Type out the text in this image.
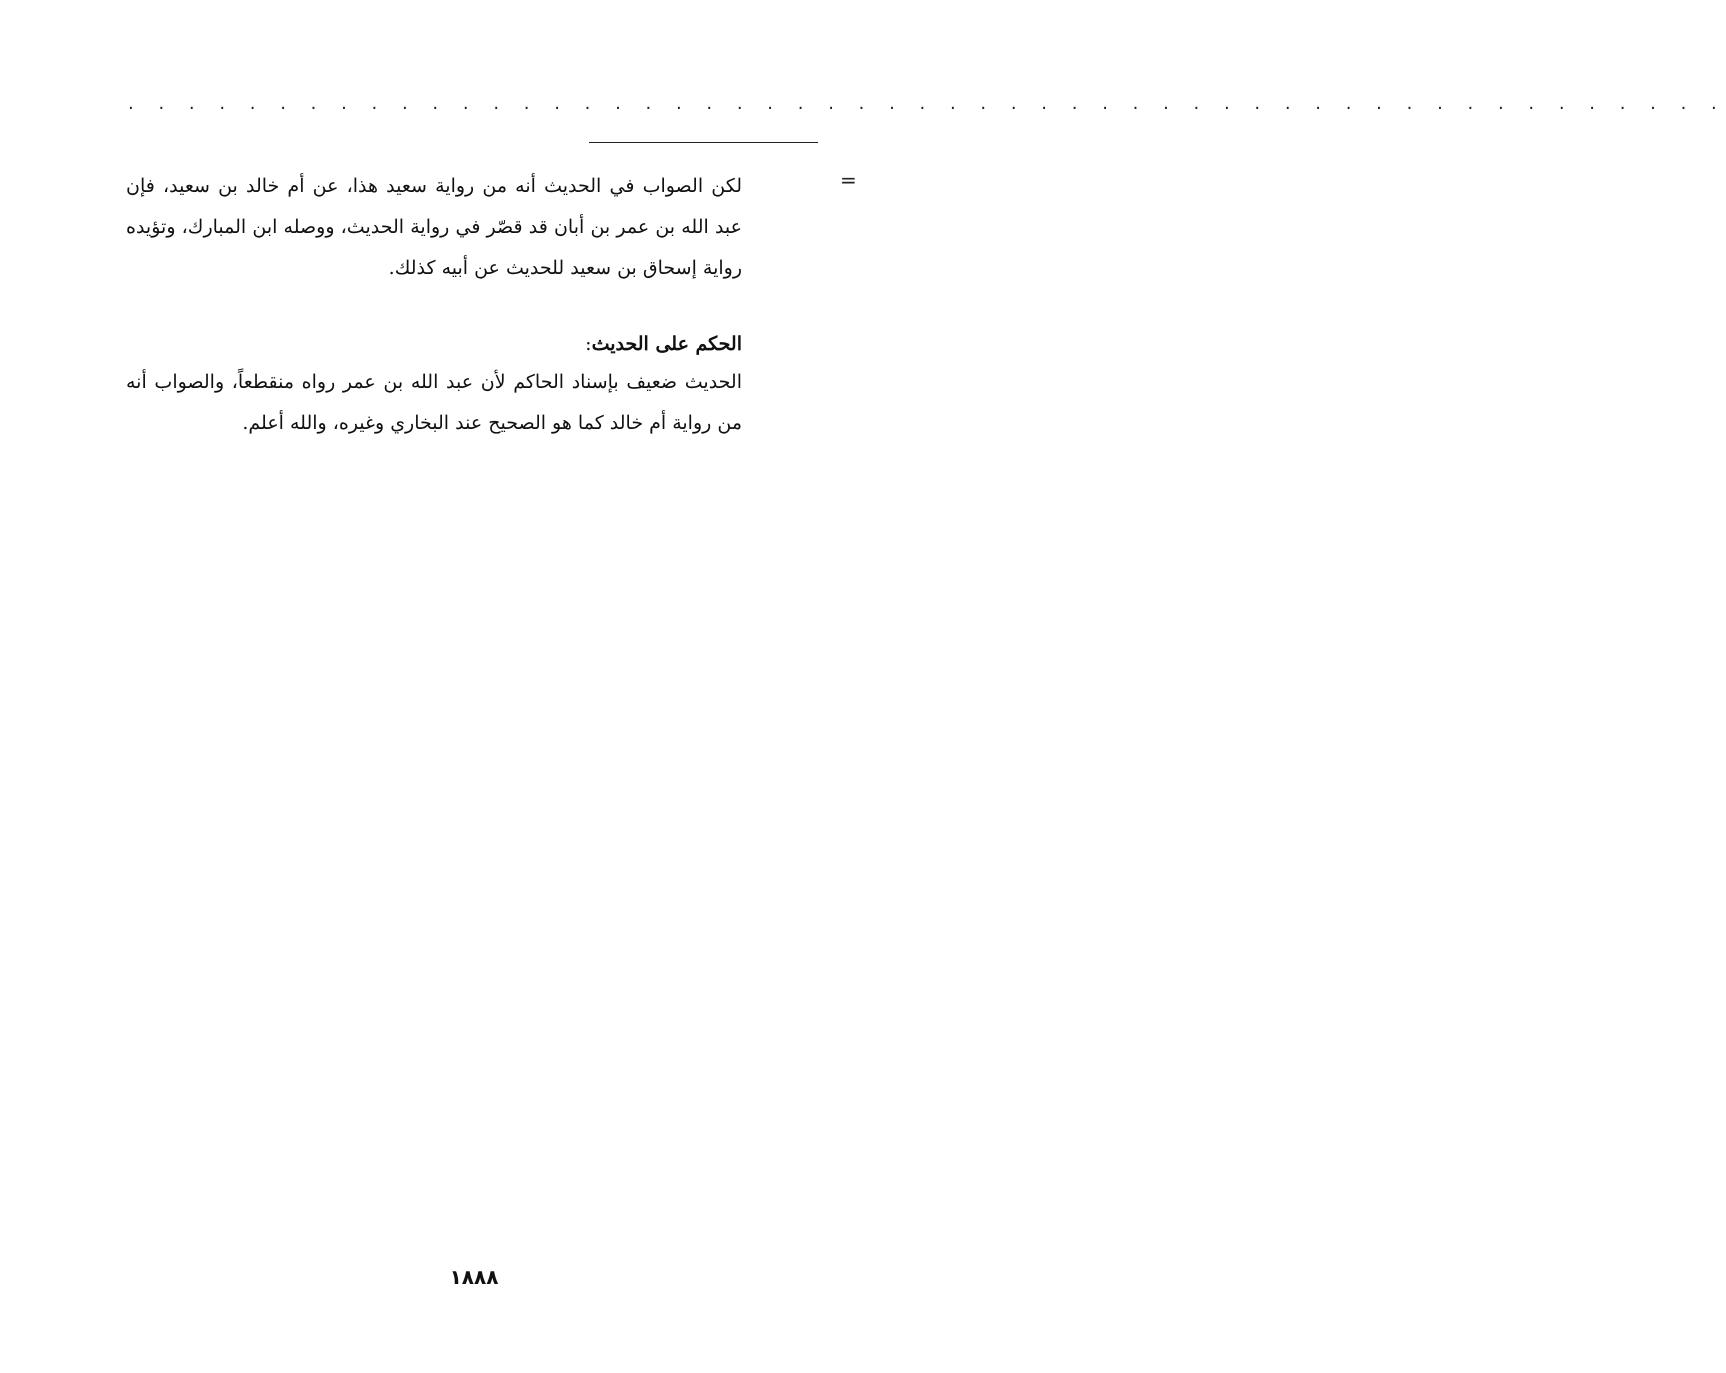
. . . . . . . . . . . . . . . . . . . . . . . . . . . . . . . . . . . . . . . . . . . . . . . . . . . . .
=
لكن الصواب في الحديث أنه من رواية سعيد هذا، عن أم خالد بن سعيد، فإن عبد الله بن عمر بن أبان قد قصّر في رواية الحديث، ووصله ابن المبارك، وتؤيده رواية إسحاق بن سعيد للحديث عن أبيه كذلك.
الحكم على الحديث:
الحديث ضعيف بإسناد الحاكم لأن عبد الله بن عمر رواه منقطعاً، والصواب أنه من رواية أم خالد كما هو الصحيح عند البخاري وغيره، والله أعلم.
١٨٨٨
